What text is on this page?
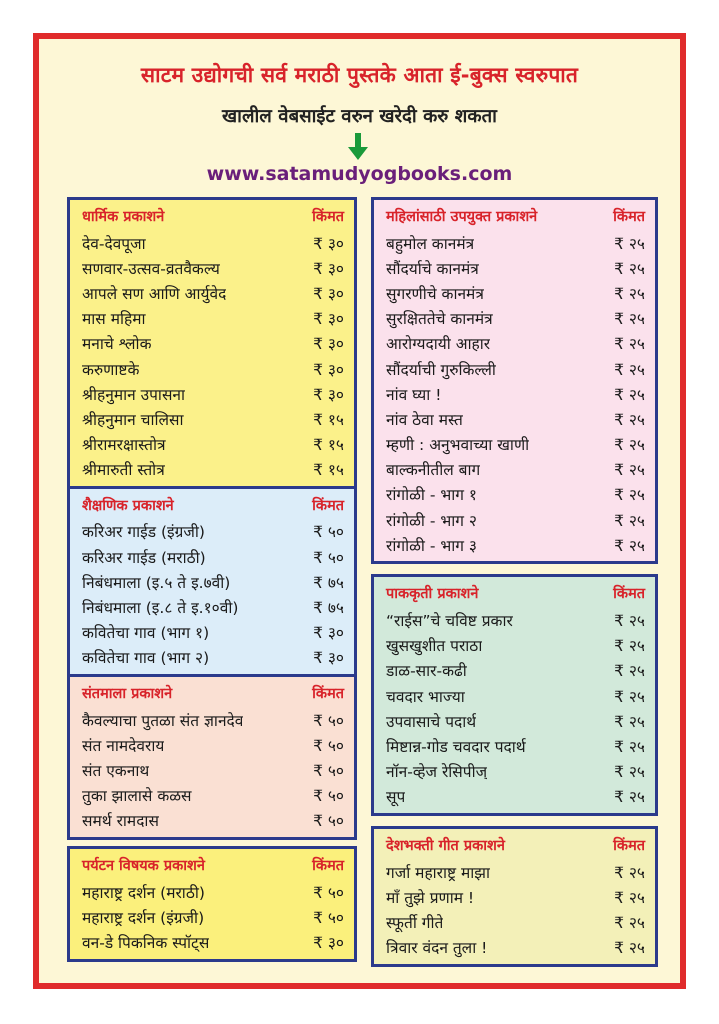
साटम उद्योगची सर्व मराठी पुस्तके आता ई-बुक्स स्वरुपात
खालील वेबसाईट वरुन खरेदी करु शकता
www.satamudyogbooks.com
धार्मिक प्रकाशने	किंमत
देव-देवपूजा	₹ ३०
सणवार-उत्सव-व्रतवैकल्य	₹ ३०
आपले सण आणि आर्युवेद	₹ ३०
मास महिमा	₹ ३०
मनाचे श्लोक	₹ ३०
करुणाष्टके	₹ ३०
श्रीहनुमान उपासना	₹ ३०
श्रीहनुमान चालिसा	₹ १५
श्रीरामरक्षास्तोत्र	₹ १५
श्रीमारुती स्तोत्र	₹ १५
शैक्षणिक प्रकाशने	किंमत
करिअर गाईड (इंग्रजी)	₹ ५०
करिअर गाईड (मराठी)	₹ ५०
निबंधमाला (इ.५ ते इ.७वी)	₹ ७५
निबंधमाला (इ.८ ते इ.१०वी)	₹ ७५
कवितेचा गाव (भाग १)	₹ ३०
कवितेचा गाव (भाग २)	₹ ३०
संतमाला प्रकाशने	किंमत
कैवल्याचा पुतळा संत ज्ञानदेव	₹ ५०
संत नामदेवराय	₹ ५०
संत एकनाथ	₹ ५०
तुका झालासे कळस	₹ ५०
समर्थ रामदास	₹ ५०
पर्यटन विषयक प्रकाशने	किंमत
महाराष्ट्र दर्शन (मराठी)	₹ ५०
महाराष्ट्र दर्शन (इंग्रजी)	₹ ५०
वन-डे पिकनिक स्पॉट्स	₹ ३०
महिलांसाठी उपयुक्त प्रकाशने	किंमत
बहुमोल कानमंत्र	₹ २५
सौंदर्याचे कानमंत्र	₹ २५
सुगरणीचे कानमंत्र	₹ २५
सुरक्षिततेचे कानमंत्र	₹ २५
आरोग्यदायी आहार	₹ २५
सौंदर्याची गुरुकिल्ली	₹ २५
नांव घ्या !	₹ २५
नांव ठेवा मस्त	₹ २५
म्हणी : अनुभवाच्या खाणी	₹ २५
बाल्कनीतील बाग	₹ २५
रांगोळी - भाग १	₹ २५
रांगोळी - भाग २	₹ २५
रांगोळी - भाग ३	₹ २५
पाककृती प्रकाशने	किंमत
“राईस”चे चविष्ट प्रकार	₹ २५
खुसखुशीत पराठा	₹ २५
डाळ-सार-कढी	₹ २५
चवदार भाज्या	₹ २५
उपवासाचे पदार्थ	₹ २५
मिष्टान्न-गोड चवदार पदार्थ	₹ २५
नॉन-व्हेज रेसिपीज्	₹ २५
सूप	₹ २५
देशभक्ती गीत प्रकाशने	किंमत
गर्जा महाराष्ट्र माझा	₹ २५
माँ तुझे प्रणाम !	₹ २५
स्फूर्ती गीते	₹ २५
त्रिवार वंदन तुला !	₹ २५
